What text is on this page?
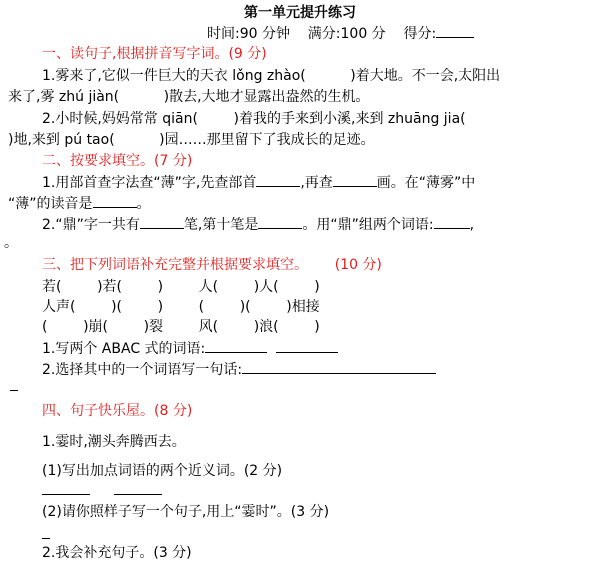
第一单元提升练习
时间:90 分钟    满分:100 分    得分:
一、读句子,根据拼音写字词。(9 分)
1.雾来了,它似一件巨大的天衣 lǒng zhào(          )着大地。不一会,太阳出
来了,雾 zhú jiàn(          )散去,大地才显露出盎然的生机。
2.小时候,妈妈常常 qiān(        )着我的手来到小溪,来到 zhuāng jia(
)地,来到 pú tao(          )园……那里留下了我成长的足迹。
二、按要求填空。(7 分)
1.用部首查字法查“薄”字,先查部首	,再查	画。在“薄雾”中
“薄”的读音是	。
2.“鼎”字一共有	笔,第十笔是	。用“鼎”组两个词语:	,
。
三、把下列词语补充完整并根据要求填空。      (10 分)
若(        )若(        )        人(        )人(        )
人声(        )(        )        (        )(        )相接
(        )崩(        )裂        风(        )浪(        )
1.写两个 ABAC 式的词语:
2.选择其中的一个词语写一句话:
四、句子快乐屋。(8 分)
1.霎时,潮头奔腾西去。
(1)写出加点词语的两个近义词。(2 分)
(2)请你照样子写一个句子,用上“霎时”。(3 分)
2.我会补充句子。(3 分)
